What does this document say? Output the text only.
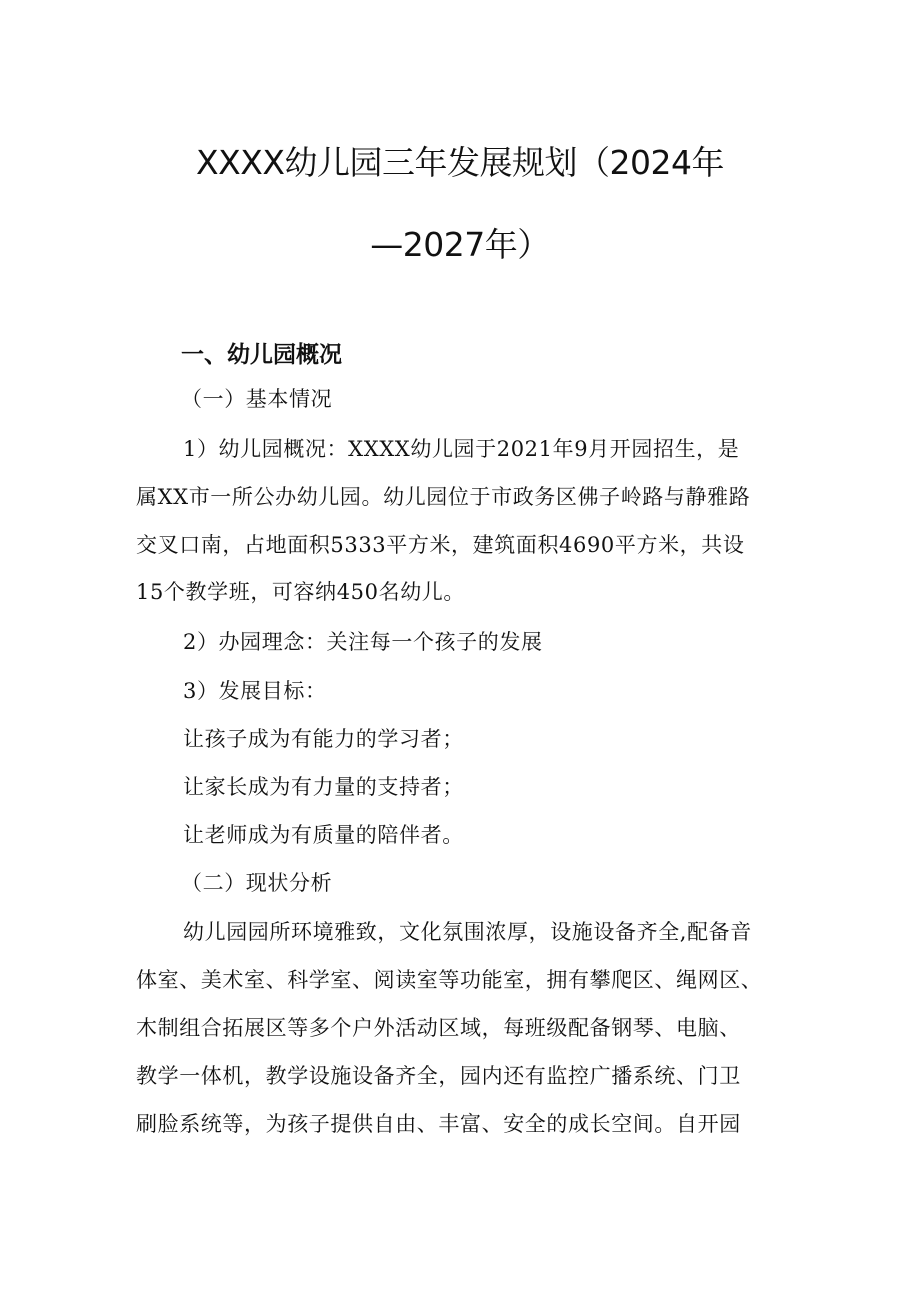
XXXX幼儿园三年发展规划（2024年
—2027年）
一、幼儿园概况
（一）基本情况
1）幼儿园概况：XXXX幼儿园于2021年9月开园招生，是
属XX市一所公办幼儿园。幼儿园位于市政务区佛子岭路与静雅路
交叉口南，占地面积5333平方米，建筑面积4690平方米，共设
15个教学班，可容纳450名幼儿。
2）办园理念：关注每一个孩子的发展
3）发展目标：
让孩子成为有能力的学习者；
让家长成为有力量的支持者；
让老师成为有质量的陪伴者。
（二）现状分析
幼儿园园所环境雅致，文化氛围浓厚，设施设备齐全,配备音
体室、美术室、科学室、阅读室等功能室，拥有攀爬区、绳网区、
木制组合拓展区等多个户外活动区域，每班级配备钢琴、电脑、
教学一体机，教学设施设备齐全，园内还有监控广播系统、门卫
刷脸系统等，为孩子提供自由、丰富、安全的成长空间。自开园
